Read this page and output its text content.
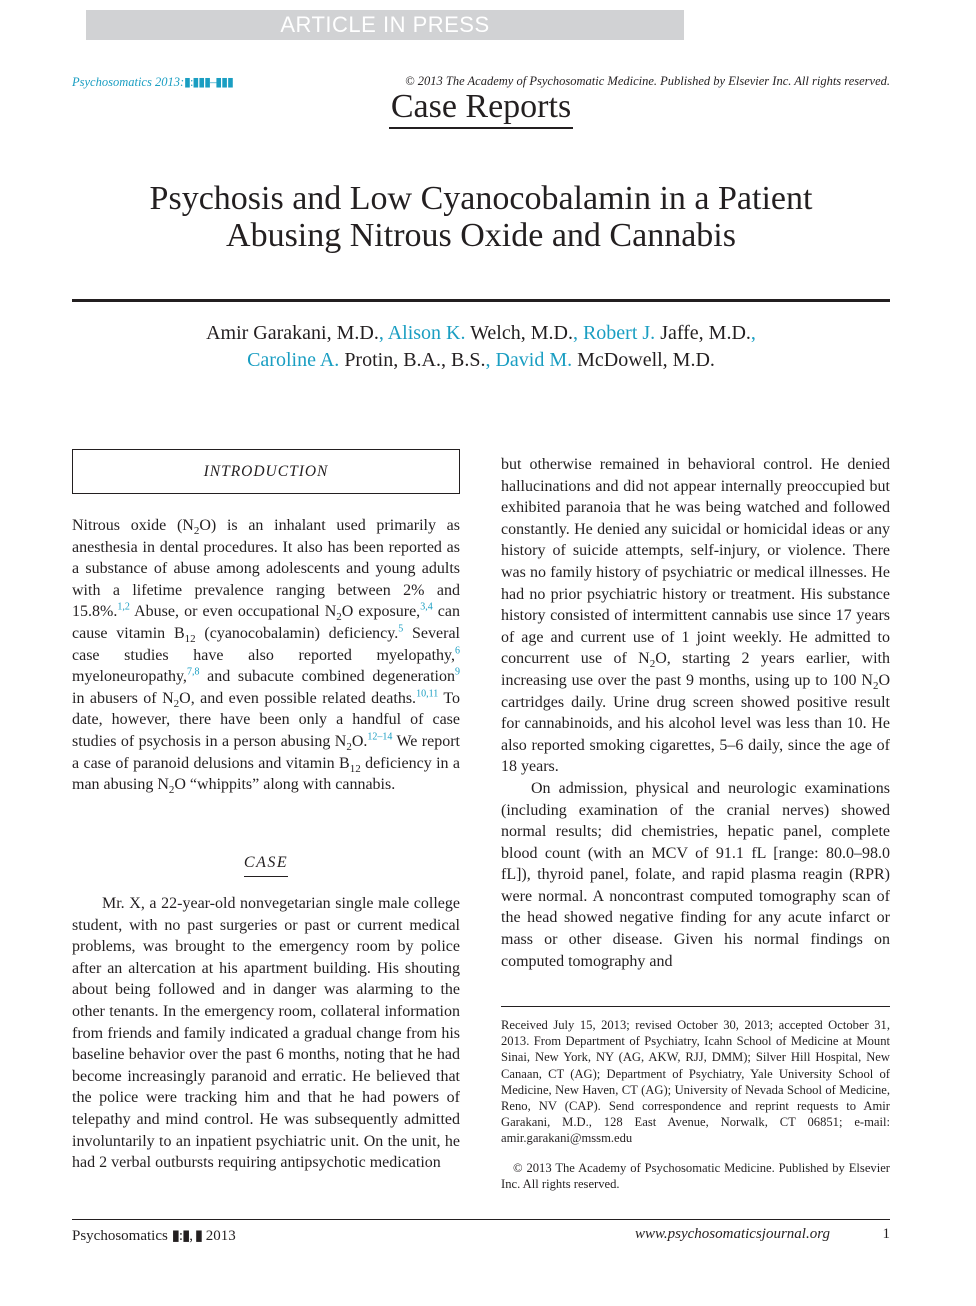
ARTICLE IN PRESS
Psychosomatics 2013:▮:▮▮▮–▮▮▮	© 2013 The Academy of Psychosomatic Medicine. Published by Elsevier Inc. All rights reserved.
Case Reports
Psychosis and Low Cyanocobalamin in a Patient
Abusing Nitrous Oxide and Cannabis
Amir Garakani, M.D., Alison K. Welch, M.D., Robert J. Jaffe, M.D.,
Caroline A. Protin, B.A., B.S., David M. McDowell, M.D.
INTRODUCTION

Nitrous oxide $(N_2O)$ is an inhalant used primarily as anesthesia in dental procedures. It also has been reported as a substance of abuse among adolescents and young adults with a lifetime prevalence ranging between 2% and 15.8%.$^{1,2}$ Abuse, or even occupational $N_2O$ exposure,$^{3,4}$ can cause vitamin $B_{12}$ (cyanocobalamin) deficiency.$^5$ Several case studies have also reported myelopathy,$^6$ myeloneuropathy,$^{7,8}$ and subacute combined degeneration$^9$ in abusers of $N_2O$, and even possible related deaths.$^{10,11}$ To date, however, there have been only a handful of case studies of psychosis in a person abusing $N_2O.^{12-14}$ We report a case of paranoid delusions and vitamin $B_{12}$ deficiency in a man abusing $N_2O$ “whippits” along with cannabis.

CASE

Mr. X, a 22-year-old nonvegetarian single male college student, with no past surgeries or past or current medical problems, was brought to the emergency room by police after an altercation at his apartment building. His shouting about being followed and in danger was alarming to the other tenants. In the emergency room, collateral information from friends and family indicated a gradual change from his baseline behavior over the past 6 months, noting that he had become increasingly paranoid and erratic. He believed that the police were tracking him and that he had powers of telepathy and mind control. He was subsequently admitted involuntarily to an inpatient psychiatric unit. On the unit, he had 2 verbal outbursts requiring antipsychotic medication

but otherwise remained in behavioral control. He denied hallucinations and did not appear internally preoccupied but exhibited paranoia that he was being watched and followed constantly. He denied any suicidal or homicidal ideas or any history of suicide attempts, self-injury, or violence. There was no family history of psychiatric or medical illnesses. He had no prior psychiatric history or treatment. His substance history consisted of intermittent cannabis use since 17 years of age and current use of 1 joint weekly. He admitted to concurrent use of $N_2O$, starting 2 years earlier, with increasing use over the past 9 months, using up to 100 $N_2O$ cartridges daily. Urine drug screen showed positive result for cannabinoids, and his alcohol level was less than 10. He also reported smoking cigarettes, 5–6 daily, since the age of 18 years.

On admission, physical and neurologic examinations (including examination of the cranial nerves) showed normal results; did chemistries, hepatic panel, complete blood count (with an MCV of 91.1 fL [range: 80.0–98.0 fL]), thyroid panel, folate, and rapid plasma reagin (RPR) were normal. A noncontrast computed tomography scan of the head showed negative finding for any acute infarct or mass or other disease. Given his normal findings on computed tomography and

Received July 15, 2013; revised October 30, 2013; accepted October 31, 2013. From Department of Psychiatry, Icahn School of Medicine at Mount Sinai, New York, NY (AG, AKW, RJJ, DMM); Silver Hill Hospital, New Canaan, CT (AG); Department of Psychiatry, Yale University School of Medicine, New Haven, CT (AG); University of Nevada School of Medicine, Reno, NV (CAP). Send correspondence and reprint requests to Amir Garakani, M.D., 128 East Avenue, Norwalk, CT 06851; e-mail: amir.garakani@mssm.edu
© 2013 The Academy of Psychosomatic Medicine. Published by Elsevier Inc. All rights reserved.
Psychosomatics ▮:▮, ▮ 2013	www.psychosomaticsjournal.org	1
